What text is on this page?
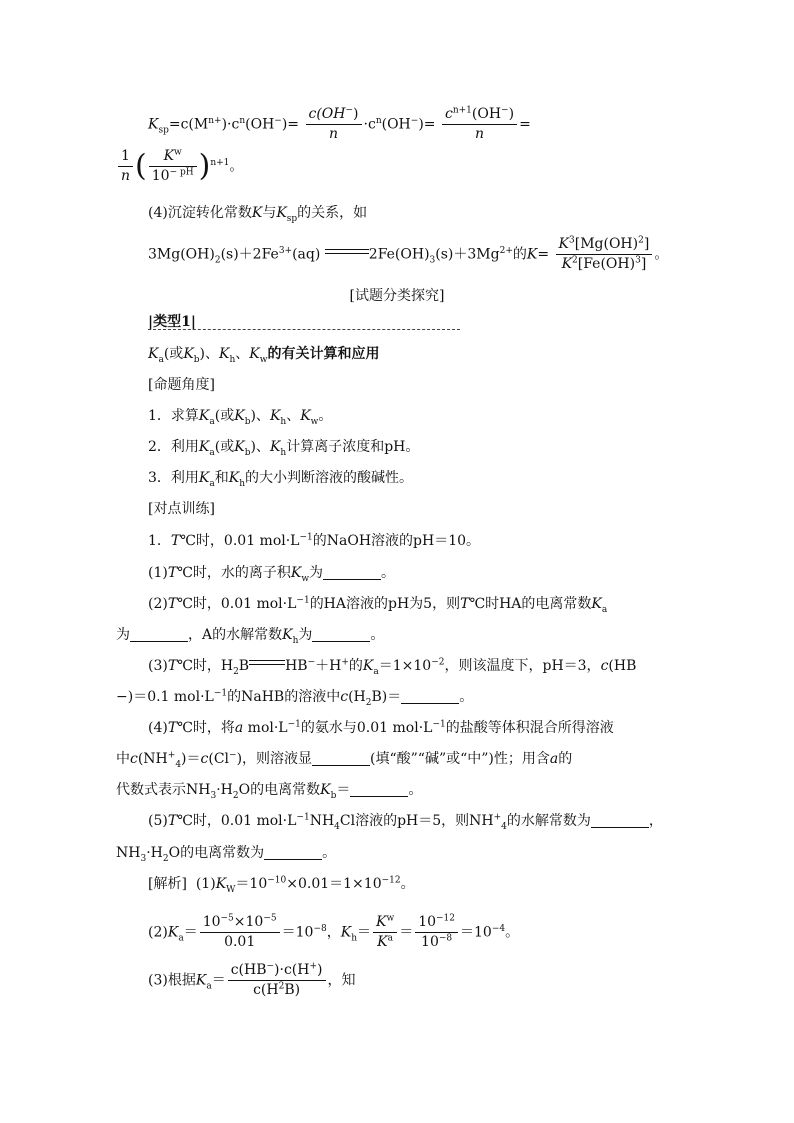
$K_{sp}=c(M^{n+})\cdot c^n(OH^-)= \frac{c(OH^-)}{n} \cdot c^n(OH^-)= \frac{c^{n+1}(OH^-)}{n}$ =
$\frac{1}{n}$ ( $\frac{K^w}{10^{- pH}} )^{n+1}$。
(4)沉淀转化常数K与$K_{sp}$的关系，如
$3Mg(OH)_2(s)+2Fe^{3+}(aq)$	$2Fe(OH)_3(s)+3Mg^{2+}$的$K= \frac{K^3[Mg(OH)^2]}{K^2[Fe(OH)^3]}$ 。
[试题分类探究]
|类型1|
$K_a$(或$K_b$)、$K_h$、$K_w$的有关计算和应用
[命题角度]
1．求算$K_a$(或$K_b$)、$K_h$、$K_w$。
2．利用$K_a$(或$K_b$)、$K_h$计算离子浓度和pH。
3．利用$K_a$和$K_h$的大小判断溶液的酸碱性。
[对点训练]
1．T℃时，0.01 $mol\cdot L^{-1}$的NaOH溶液的pH＝10。
(1)T℃时，水的离子积$K_w$为	。
(2)T℃时，0.01 $mol\cdot L^{-1}$的HA溶液的pH为5，则T℃时HA的电离常数$K_a$
为	，A的水解常数$K_h$为	。
(3)T℃时，$H_2B$	HB−＋H+的$K_a=1\times 10^{-2}$，则该温度下，pH＝3，c(HB
−)＝0.1 $mol\cdot L^{-1}$的NaHB的溶液中$c(H_2B)=$	。
(4)T℃时，将a $mol\cdot L^{-1}$的氨水与0.01 $mol\cdot L^{-1}$的盐酸等体积混合所得溶液
中$c(NH^+_4)=c(Cl^-)$，则溶液显	(填“酸”“碱”或“中”)性；用含a的
代数式表示$NH_3\cdot H_2O$的电离常数$K_b=$	。
(5)T℃时，0.01 $mol\cdot L^{-1}NH_4Cl$溶液的pH＝5，则$NH^+_4$的水解常数为	，
$NH_3\cdot H_2O$的电离常数为	。
[解析] $(1)K_W=10^{-10}\times 0.01=1\times 10^{-12}$。
$(2)K_a= \frac{10^{-5}\times 10^{-5}}{0.01} =10^{-8}$，$K_h= \frac{K^w}{K^a} = \frac{10^{-12}}{10^{-8}} =10^{-4}$。
(3)根据$K_a= \frac{c(HB^-)\cdot c(H^+)}{c(H^2B)}$ ，知
